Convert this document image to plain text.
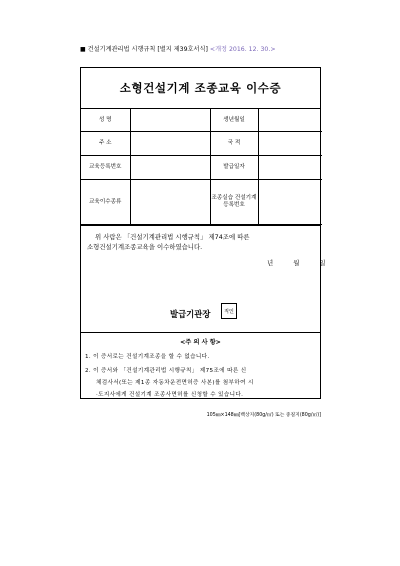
■ 건설기계관리법 시행규칙 [별지 제39호서식] <개정 2016. 12. 30.>
소형건설기계 조종교육 이수증
성 명		생년월일	
주 소		국 적	
교육등록번호		발급일자	
교육이수종류		조종실습 건설기계 등록번호	
위 사람은 「건설기계관리법 시행규칙」 제74조에 따른
소형건설기계조종교육을 이수하였습니다.
년 월 일
발급기관장	직인
<주 의 사 항>
1. 이 증서로는 건설기계조종을 할 수 없습니다.
2. 이 증서와 「건설기계관리법 시행규칙」 제75조에 따른 신
체검사서(또는 제1종 자동차운전면허증 사본)를 첨부하여 시
·도지사에게 건설기계 조종사면허를 신청할 수 있습니다.
105㎜×148㎜[백상지(80g/㎡) 또는 중질지(80g/㎡)]
